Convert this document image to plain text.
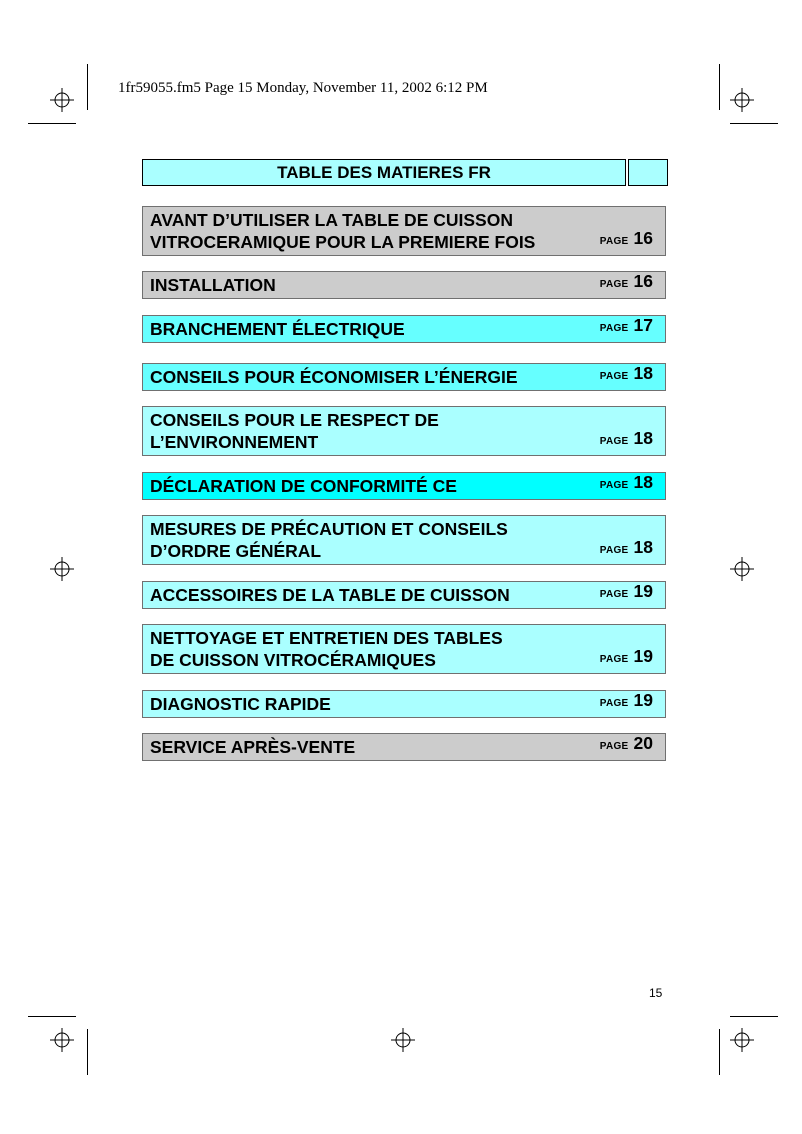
1fr59055.fm5 Page 15 Monday, November 11, 2002 6:12 PM
TABLE DES MATIERES FR
AVANT D’UTILISER LA TABLE DE CUISSON
VITROCERAMIQUE POUR LA PREMIERE FOIS	PAGE 16
INSTALLATION	PAGE 16
BRANCHEMENT ÉLECTRIQUE	PAGE 17
CONSEILS POUR ÉCONOMISER L’ÉNERGIE	PAGE 18
CONSEILS POUR LE RESPECT DE
L’ENVIRONNEMENT	PAGE 18
DÉCLARATION DE CONFORMITÉ CE	PAGE 18
MESURES DE PRÉCAUTION ET CONSEILS
D’ORDRE GÉNÉRAL	PAGE 18
ACCESSOIRES DE LA TABLE DE CUISSON	PAGE 19
NETTOYAGE ET ENTRETIEN DES TABLES
DE CUISSON VITROCÉRAMIQUES	PAGE 19
DIAGNOSTIC RAPIDE	PAGE 19
SERVICE APRÈS-VENTE	PAGE 20
15
